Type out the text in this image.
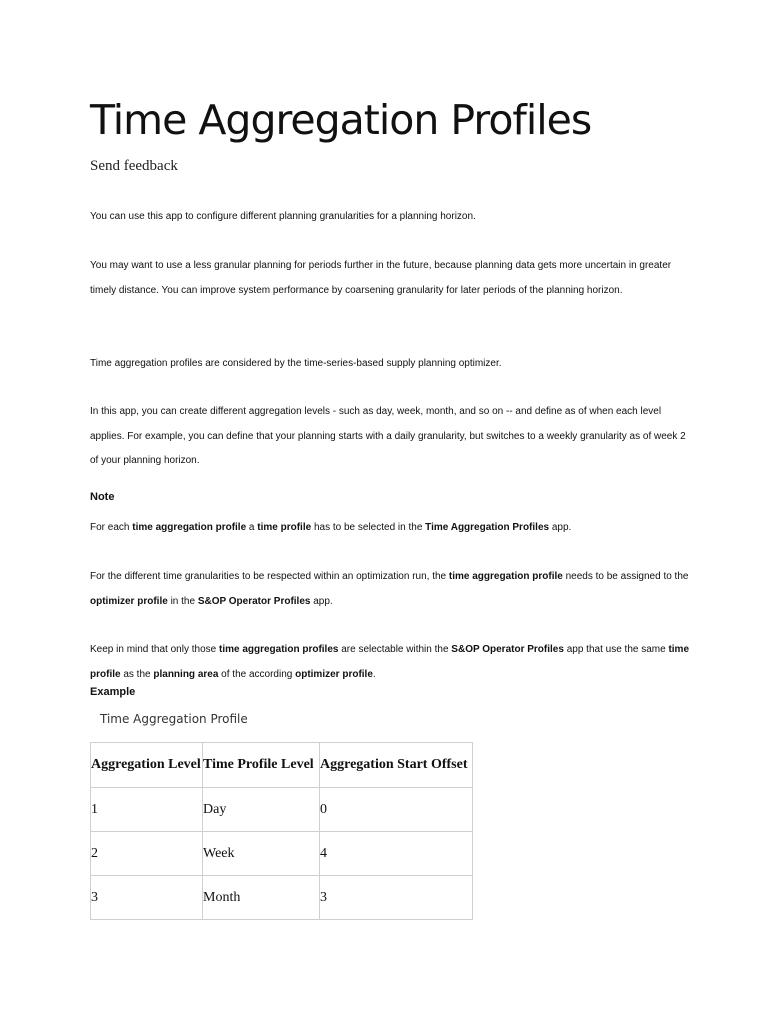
Time Aggregation Profiles
Send feedback

You can use this app to configure different planning granularities for a planning horizon.

You may want to use a less granular planning for periods further in the future, because planning data gets more uncertain in greater timely distance. You can improve system performance by coarsening granularity for later periods of the planning horizon.

Time aggregation profiles are considered by the time-series-based supply planning optimizer.

In this app, you can create different aggregation levels - such as day, week, month, and so on -- and define as of when each level applies. For example, you can define that your planning starts with a daily granularity, but switches to a weekly granularity as of week 2 of your planning horizon.

Note

For each time aggregation profile a time profile has to be selected in the Time Aggregation Profiles app.

For the different time granularities to be respected within an optimization run, the time aggregation profile needs to be assigned to the optimizer profile in the S&OP Operator Profiles app.

Keep in mind that only those time aggregation profiles are selectable within the S&OP Operator Profiles app that use the same time profile as the planning area of the according optimizer profile.

Example

Time Aggregation Profile
Aggregation Level	Time Profile Level	Aggregation Start Offset
1	Day	0
2	Week	4
3	Month	3
